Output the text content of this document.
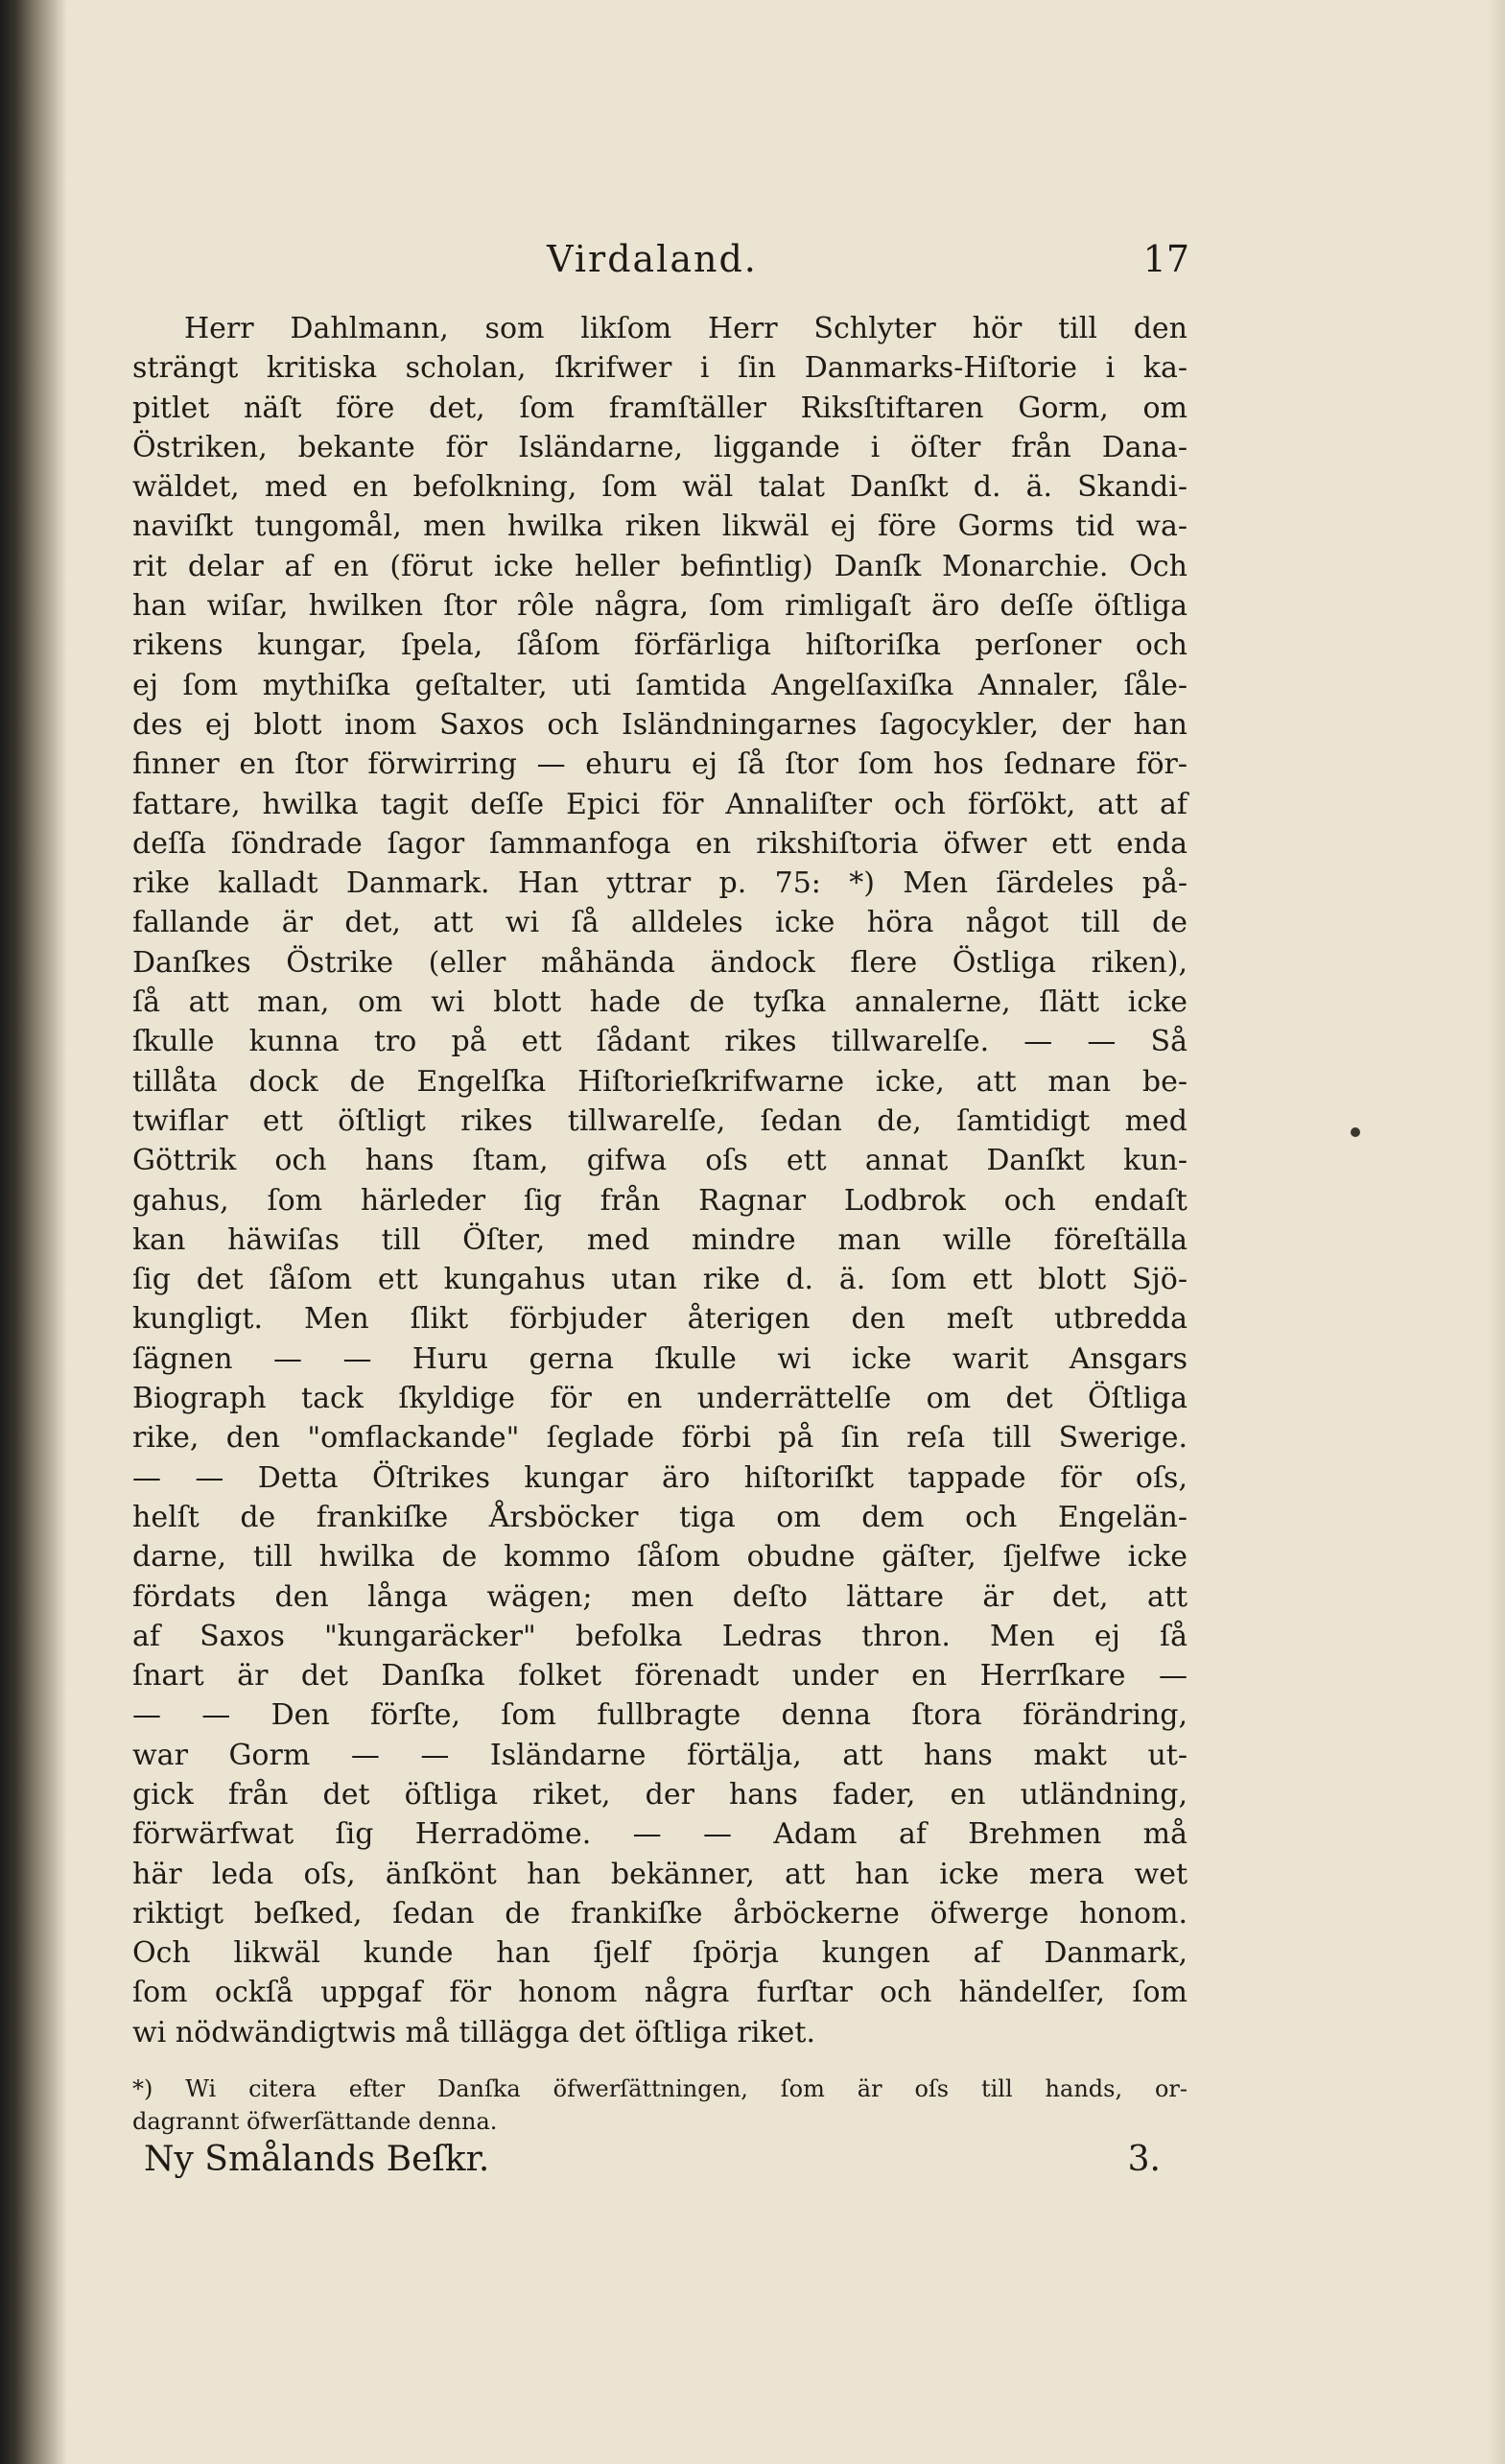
Virdaland.	17
Herr Dahlmann, som likſom Herr Schlyter hör till den
strängt kritiska scholan, ſkrifwer i ſin Danmarks-Hiſtorie i ka-
pitlet näſt före det, ſom framſtäller Riksſtiftaren Gorm, om
Östriken, bekante för Isländarne, liggande i öſter från Dana-
wäldet, med en befolkning, ſom wäl talat Danſkt d. ä. Skandi-
naviſkt tungomål, men hwilka riken likwäl ej före Gorms tid wa-
rit delar af en (förut icke heller befintlig) Danſk Monarchie. Och
han wiſar, hwilken ſtor rôle några, ſom rimligaſt äro deſſe öſtliga
rikens kungar, ſpela, ſåſom förfärliga hiſtoriſka perſoner och
ej ſom mythiſka geſtalter, uti ſamtida Angelſaxiſka Annaler, ſåle-
des ej blott inom Saxos och Isländningarnes ſagocykler, der han
finner en ſtor förwirring — ehuru ej ſå ſtor ſom hos ſednare för-
fattare, hwilka tagit deſſe Epici för Annaliſter och förſökt, att af
deſſa ſöndrade ſagor ſammanfoga en rikshiſtoria öfwer ett enda
rike kalladt Danmark. Han yttrar p. 75: *) Men ſärdeles på-
fallande är det, att wi ſå alldeles icke höra något till de
Danſkes Östrike (eller måhända ändock flere Östliga riken),
ſå att man, om wi blott hade de tyſka annalerne, ſlätt icke
ſkulle kunna tro på ett ſådant rikes tillwarelſe. — — Så
tillåta dock de Engelſka Hiſtorieſkrifwarne icke, att man be-
twiflar ett öſtligt rikes tillwarelſe, ſedan de, ſamtidigt med
Göttrik och hans ſtam, gifwa oſs ett annat Danſkt kun-
gahus, ſom härleder ſig från Ragnar Lodbrok och endaſt
kan häwiſas till Öſter, med mindre man wille föreſtälla
ſig det ſåſom ett kungahus utan rike d. ä. ſom ett blott Sjö-
kungligt. Men ſlikt förbjuder återigen den meſt utbredda
ſägnen — — Huru gerna ſkulle wi icke warit Ansgars
Biograph tack ſkyldige för en underrättelſe om det Öſtliga
rike, den "omflackande" ſeglade förbi på ſin reſa till Swerige.
— — Detta Öſtrikes kungar äro hiſtoriſkt tappade för oſs,
helſt de frankiſke Årsböcker tiga om dem och Engelän-
darne, till hwilka de kommo ſåſom obudne gäſter, ſjelfwe icke
fördats den långa wägen; men deſto lättare är det, att
af Saxos "kungaräcker" befolka Ledras thron. Men ej ſå
ſnart är det Danſka folket förenadt under en Herrſkare —
— — Den förſte, ſom fullbragte denna ſtora förändring,
war Gorm — — Isländarne förtälja, att hans makt ut-
gick från det öſtliga riket, der hans fader, en utländning,
förwärfwat ſig Herradöme. — — Adam af Brehmen må
här leda oſs, änſkönt han bekänner, att han icke mera wet
riktigt beſked, ſedan de frankiſke årböckerne öfwerge honom.
Och likwäl kunde han ſjelf ſpörja kungen af Danmark,
ſom ockſå uppgaf för honom några furſtar och händelſer, ſom
wi nödwändigtwis må tillägga det öſtliga riket.
*) Wi citera efter Danſka öfwerſättningen, ſom är oſs till hands, or-
dagrannt öfwerſättande denna.
Ny Smålands Beſkr.	3.
